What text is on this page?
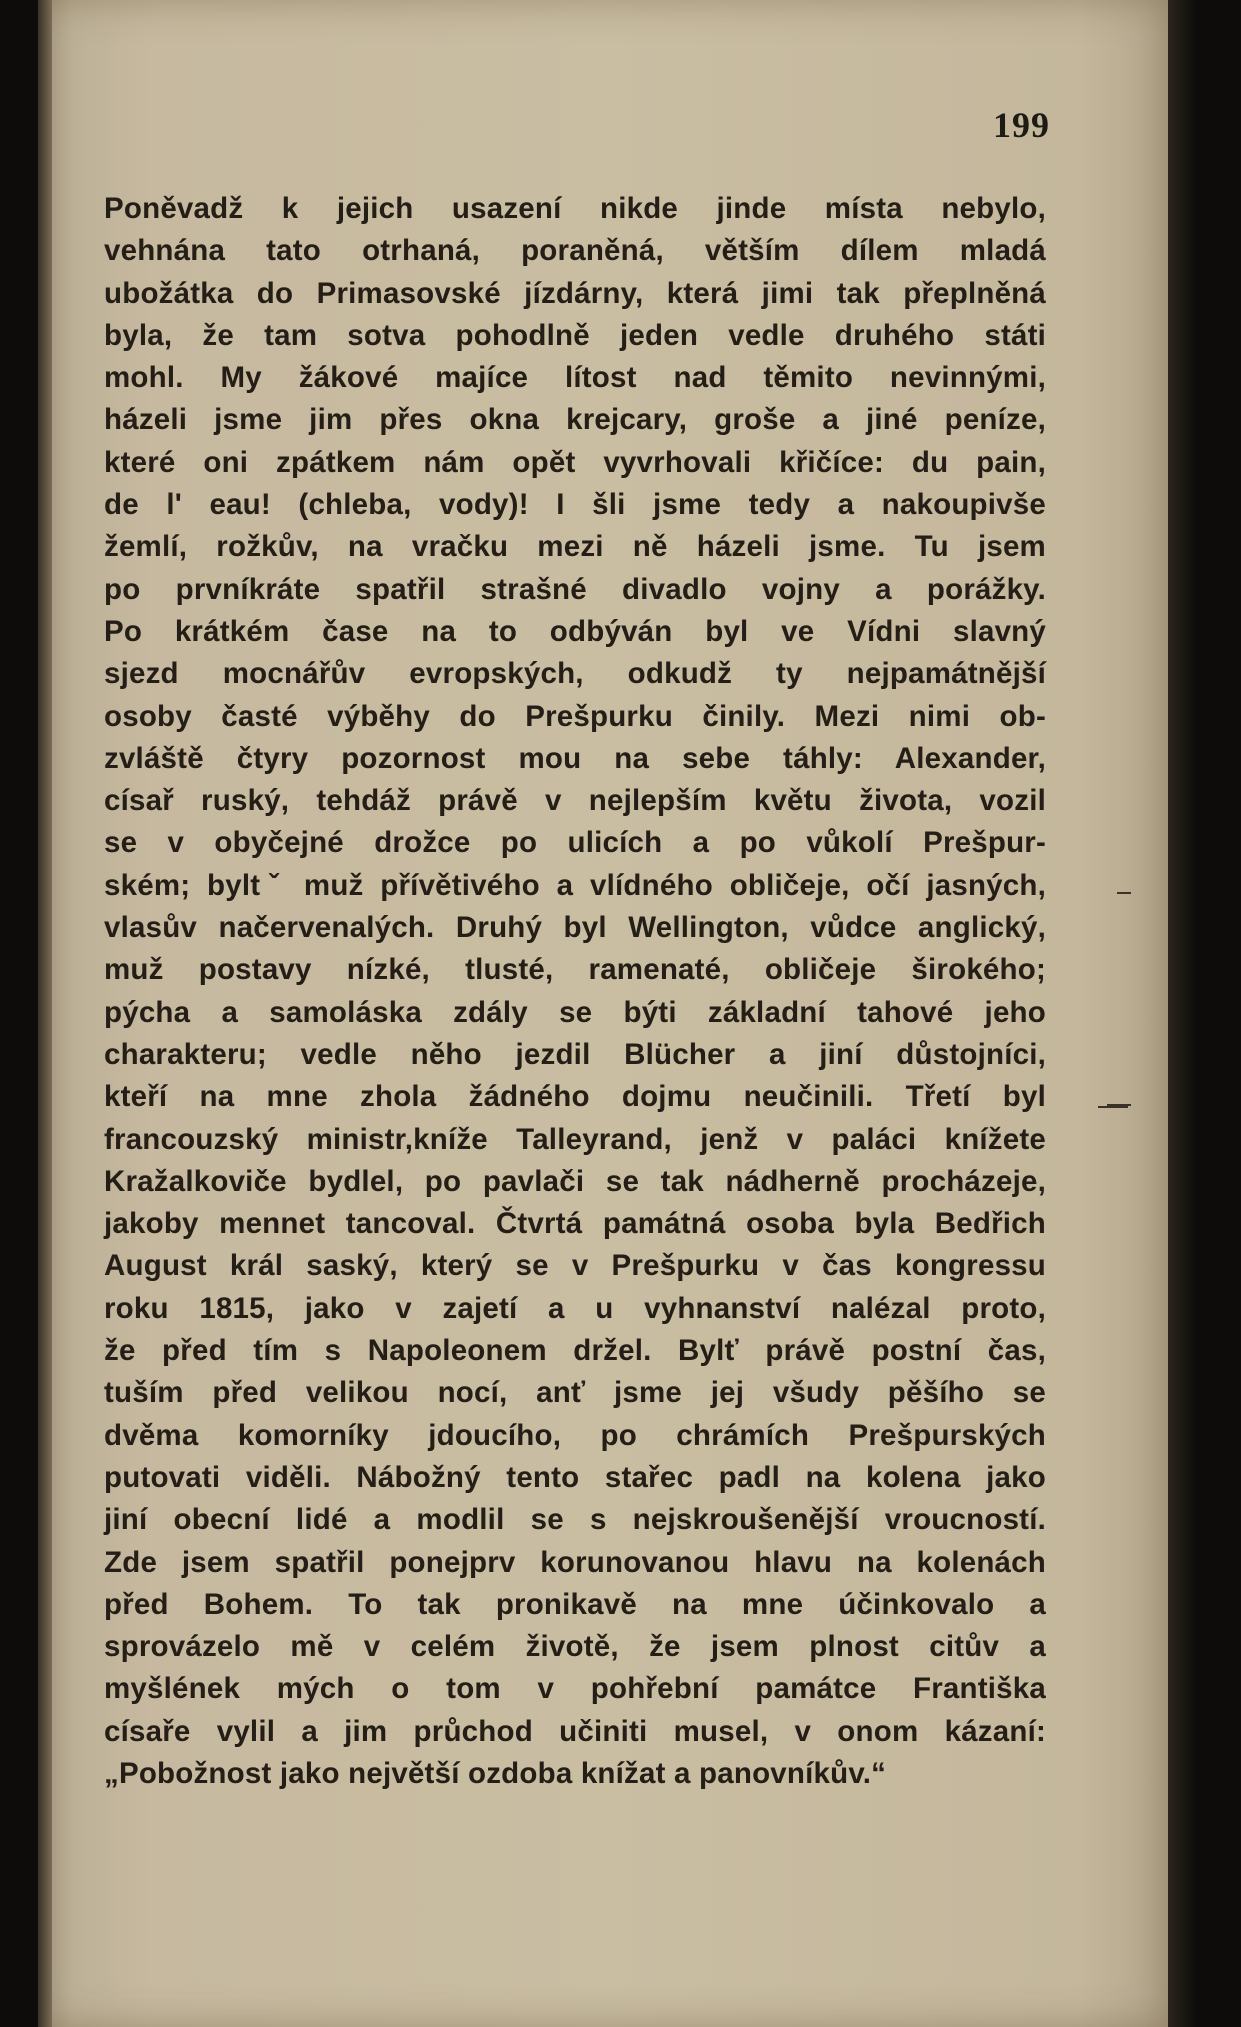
199
Poněvadž k jejich usazení nikde jinde místa nebylo,
vehnána tato otrhaná, poraněná, větším dílem mladá
ubožátka do Primasovské jízdárny, která jimi tak přeplněná
byla, že tam sotva pohodlně jeden vedle druhého státi
mohl. My žákové majíce lítost nad těmito nevinnými,
házeli jsme jim přes okna krejcary, groše a jiné peníze,
které oni zpátkem nám opět vyvrhovali křičíce: du pain,
de l' eau! (chleba, vody)! I šli jsme tedy a nakoupivše
žemlí, rožkův, na vračku mezi ně házeli jsme. Tu jsem
po prvníkráte spatřil strašné divadlo vojny a porážky.
Po krátkém čase na to odbýván byl ve Vídni slavný
sjezd mocnářův evropských, odkudž ty nejpamátnější
osoby časté výběhy do Prešpurku činily. Mezi nimi ob-
zvláště čtyry pozornost mou na sebe táhly: Alexander,
císař ruský, tehdáž právě v nejlepším květu života, vozil
se v obyčejné drožce po ulicích a po vůkolí Prešpur-
ském; byltˇ muž přívětivého a vlídného obličeje, očí jasných,
vlasův načervenalých. Druhý byl Wellington, vůdce anglický,
muž postavy nízké, tlusté, ramenaté, obličeje širokého;
pýcha a samoláska zdály se býti základní tahové jeho
charakteru; vedle něho jezdil Blücher a jiní důstojníci,
kteří na mne zhola žádného dojmu neučinili. Třetí byl
francouzský ministr,kníže Talleyrand, jenž v paláci knížete
Kražalkoviče bydlel, po pavlači se tak nádherně procházeje,
jakoby mennet tancoval. Čtvrtá památná osoba byla Bedřich
August král saský, který se v Prešpurku v čas kongressu
roku 1815, jako v zajetí a u vyhnanství nalézal proto,
že před tím s Napoleonem držel. Bylť právě postní čas,
tuším před velikou nocí, anť jsme jej všudy pěšího se
dvěma komorníky jdoucího, po chrámích Prešpurských
putovati viděli. Nábožný tento stařec padl na kolena jako
jiní obecní lidé a modlil se s nejskroušenější vroucností.
Zde jsem spatřil ponejprv korunovanou hlavu na kolenách
před Bohem. To tak pronikavě na mne účinkovalo a
sprovázelo mě v celém životě, že jsem plnost citův a
myšlének mých o tom v pohřební památce Františka
císaře vylil a jim průchod učiniti musel, v onom kázaní:
„Pobožnost jako největší ozdoba knížat a panovníkův.“
